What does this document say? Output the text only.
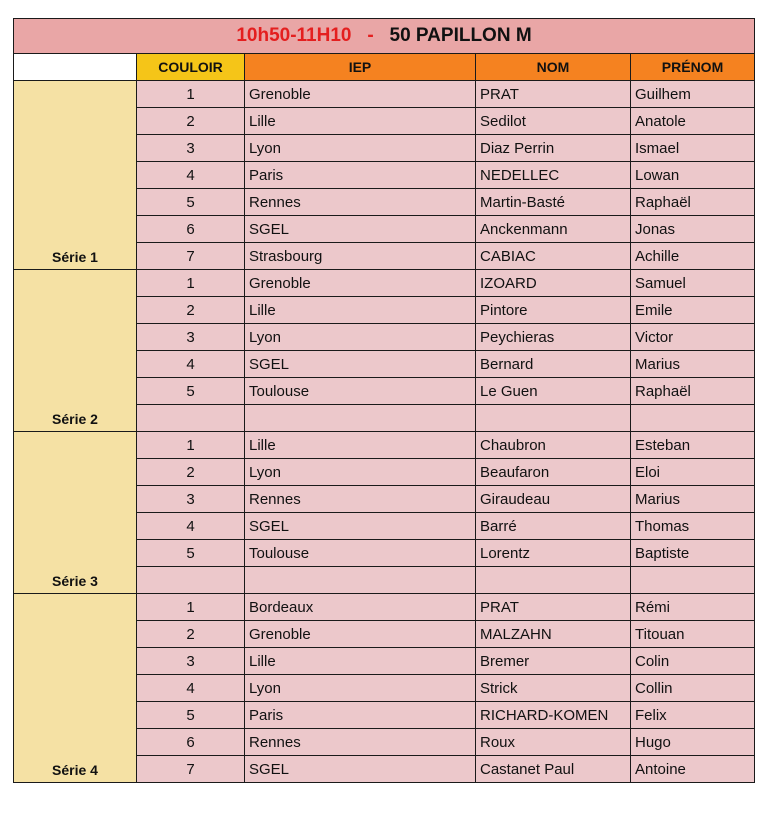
10h50-11H10 - 50 PAPILLON M				
	COULOIR	IEP	NOM	PRÉNOM
Série 1	1	Grenoble	PRAT	Guilhem
	2	Lille	Sedilot	Anatole
	3	Lyon	Diaz Perrin	Ismael
	4	Paris	NEDELLEC	Lowan
	5	Rennes	Martin-Basté	Raphaël
	6	SGEL	Anckenmann	Jonas
	7	Strasbourg	CABIAC	Achille
Série 2	1	Grenoble	IZOARD	Samuel
	2	Lille	Pintore	Emile
	3	Lyon	Peychieras	Victor
	4	SGEL	Bernard	Marius
	5	Toulouse	Le Guen	Raphaël

Série 3	1	Lille	Chaubron	Esteban
	2	Lyon	Beaufaron	Eloi
	3	Rennes	Giraudeau	Marius
	4	SGEL	Barré	Thomas
	5	Toulouse	Lorentz	Baptiste

Série 4	1	Bordeaux	PRAT	Rémi
	2	Grenoble	MALZAHN	Titouan
	3	Lille	Bremer	Colin
	4	Lyon	Strick	Collin
	5	Paris	RICHARD-KOMEN	Felix
	6	Rennes	Roux	Hugo
	7	SGEL	Castanet Paul	Antoine
